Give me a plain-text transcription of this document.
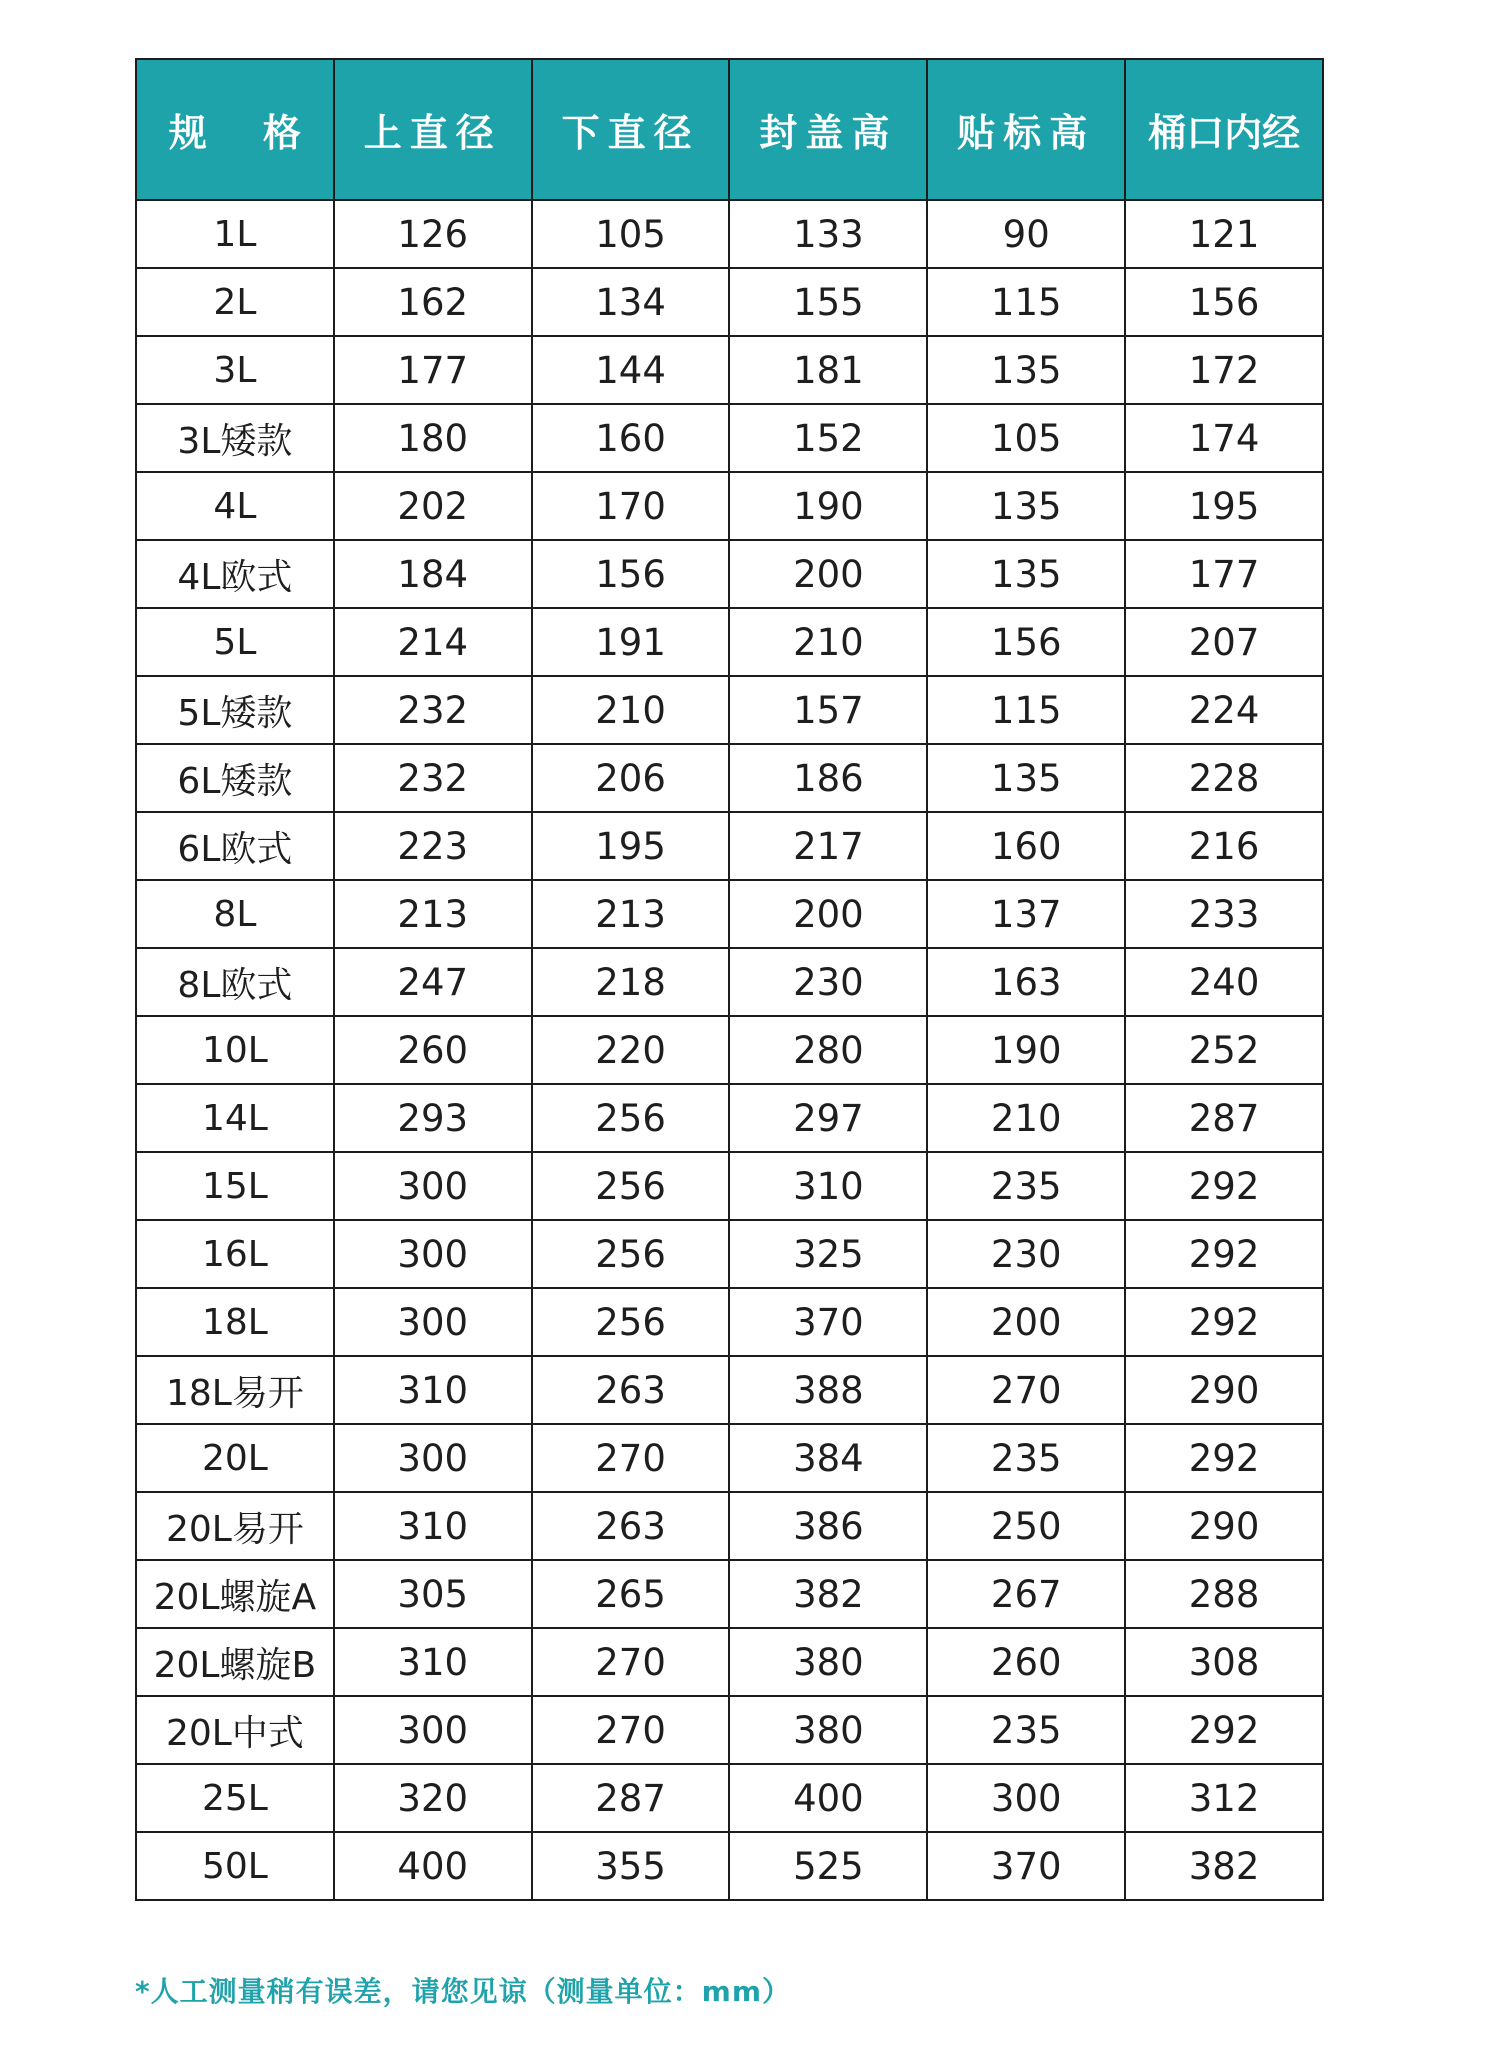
规格	上直径	下直径	封盖高	贴标高	桶口内经
1L	126	105	133	90	121
2L	162	134	155	115	156
3L	177	144	181	135	172
3L矮款	180	160	152	105	174
4L	202	170	190	135	195
4L欧式	184	156	200	135	177
5L	214	191	210	156	207
5L矮款	232	210	157	115	224
6L矮款	232	206	186	135	228
6L欧式	223	195	217	160	216
8L	213	213	200	137	233
8L欧式	247	218	230	163	240
10L	260	220	280	190	252
14L	293	256	297	210	287
15L	300	256	310	235	292
16L	300	256	325	230	292
18L	300	256	370	200	292
18L易开	310	263	388	270	290
20L	300	270	384	235	292
20L易开	310	263	386	250	290
20L螺旋A	305	265	382	267	288
20L螺旋B	310	270	380	260	308
20L中式	300	270	380	235	292
25L	320	287	400	300	312
50L	400	355	525	370	382
*人工测量稍有误差，请您见谅（测量单位：mm）
